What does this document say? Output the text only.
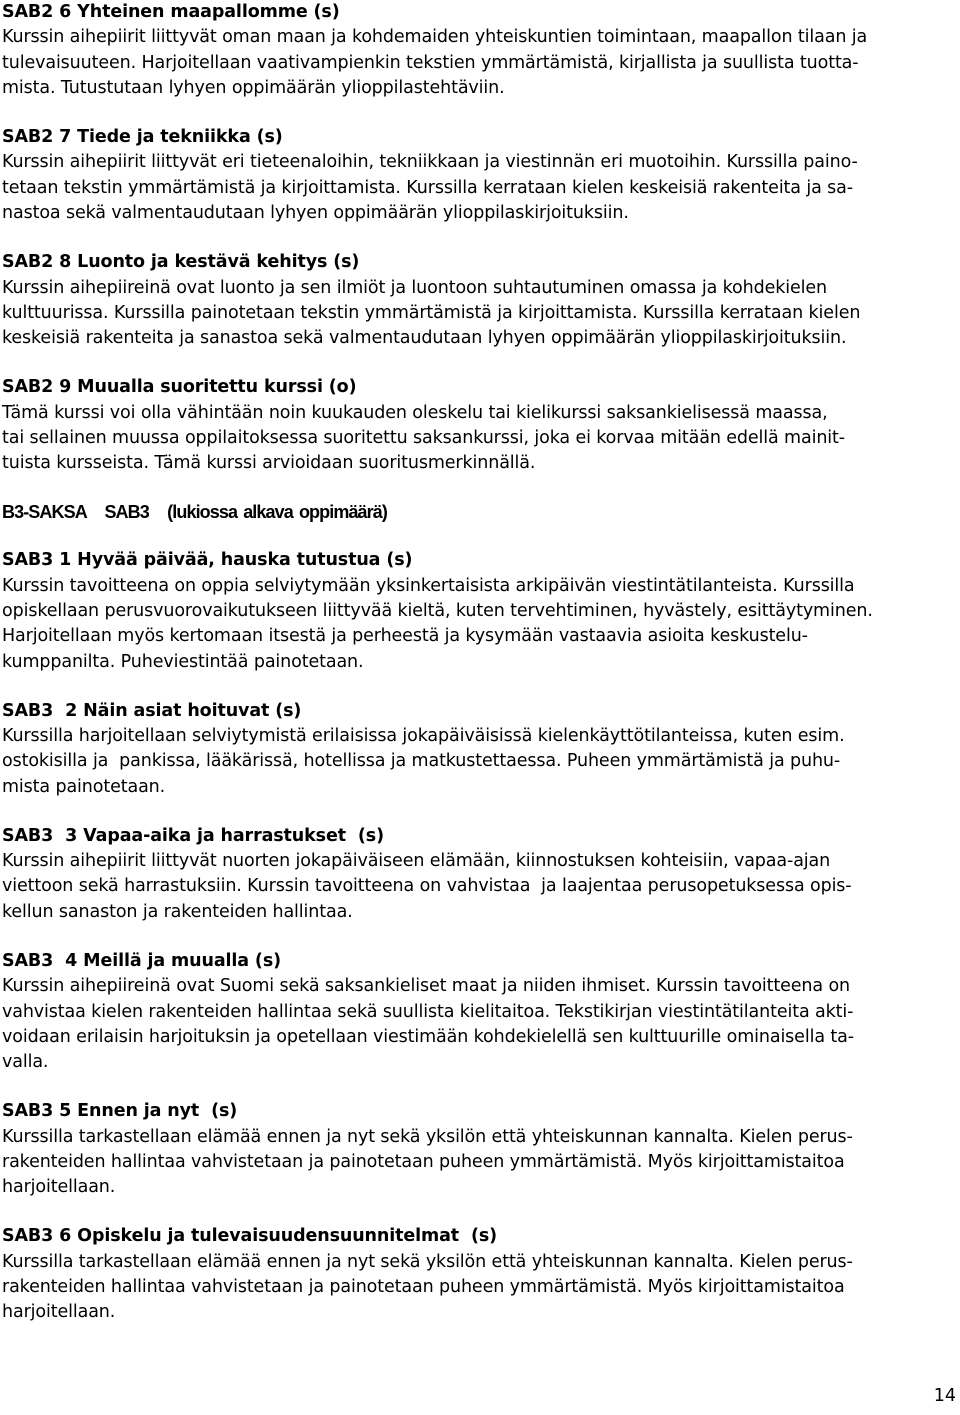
SAB2 6 Yhteinen maapallomme (s)
Kurssin aihepiirit liittyvät oman maan ja kohdemaiden yhteiskuntien toimintaan, maapallon tilaan ja
tulevaisuuteen. Harjoitellaan vaativampienkin tekstien ymmärtämistä, kirjallista ja suullista tuotta-
mista. Tutustutaan lyhyen oppimäärän ylioppilastehtäviin.
SAB2 7 Tiede ja tekniikka (s)
Kurssin aihepiirit liittyvät eri tieteenaloihin, tekniikkaan ja viestinnän eri muotoihin. Kurssilla paino-
tetaan tekstin ymmärtämistä ja kirjoittamista. Kurssilla kerrataan kielen keskeisiä rakenteita ja sa-
nastoa sekä valmentaudutaan lyhyen oppimäärän ylioppilaskirjoituksiin.
SAB2 8 Luonto ja kestävä kehitys (s)
Kurssin aihepiireinä ovat luonto ja sen ilmiöt ja luontoon suhtautuminen omassa ja kohdekielen
kulttuurissa. Kurssilla painotetaan tekstin ymmärtämistä ja kirjoittamista. Kurssilla kerrataan kielen
keskeisiä rakenteita ja sanastoa sekä valmentaudutaan lyhyen oppimäärän ylioppilaskirjoituksiin.
SAB2 9 Muualla suoritettu kurssi (o)
Tämä kurssi voi olla vähintään noin kuukauden oleskelu tai kielikurssi saksankielisessä maassa,
tai sellainen muussa oppilaitoksessa suoritettu saksankurssi, joka ei korvaa mitään edellä mainit-
tuista kursseista. Tämä kurssi arvioidaan suoritusmerkinnällä.
B3-SAKSA   SAB3   (lukiossa alkava oppimäärä)
SAB3 1 Hyvää päivää, hauska tutustua (s)
Kurssin tavoitteena on oppia selviytymään yksinkertaisista arkipäivän viestintätilanteista. Kurssilla
opiskellaan perusvuorovaikutukseen liittyvää kieltä, kuten tervehtiminen, hyvästely, esittäytyminen.
Harjoitellaan myös kertomaan itsestä ja perheestä ja kysymään vastaavia asioita keskustelu-
kumppanilta. Puheviestintää painotetaan.
SAB3  2 Näin asiat hoituvat (s)
Kurssilla harjoitellaan selviytymistä erilaisissa jokapäiväisissä kielenkäyttötilanteissa, kuten esim.
ostokisilla ja  pankissa, lääkärissä, hotellissa ja matkustettaessa. Puheen ymmärtämistä ja puhu-
mista painotetaan.
SAB3  3 Vapaa-aika ja harrastukset  (s)
Kurssin aihepiirit liittyvät nuorten jokapäiväiseen elämään, kiinnostuksen kohteisiin, vapaa-ajan
viettoon sekä harrastuksiin. Kurssin tavoitteena on vahvistaa  ja laajentaa perusopetuksessa opis-
kellun sanaston ja rakenteiden hallintaa.
SAB3  4 Meillä ja muualla (s)
Kurssin aihepiireinä ovat Suomi sekä saksankieliset maat ja niiden ihmiset. Kurssin tavoitteena on
vahvistaa kielen rakenteiden hallintaa sekä suullista kielitaitoa. Tekstikirjan viestintätilanteita akti-
voidaan erilaisin harjoituksin ja opetellaan viestimään kohdekielellä sen kulttuurille ominaisella ta-
valla.
SAB3 5 Ennen ja nyt  (s)
Kurssilla tarkastellaan elämää ennen ja nyt sekä yksilön että yhteiskunnan kannalta. Kielen perus-
rakenteiden hallintaa vahvistetaan ja painotetaan puheen ymmärtämistä. Myös kirjoittamistaitoa
harjoitellaan.
SAB3 6 Opiskelu ja tulevaisuudensuunnitelmat  (s)
Kurssilla tarkastellaan elämää ennen ja nyt sekä yksilön että yhteiskunnan kannalta. Kielen perus-
rakenteiden hallintaa vahvistetaan ja painotetaan puheen ymmärtämistä. Myös kirjoittamistaitoa
harjoitellaan.
14
